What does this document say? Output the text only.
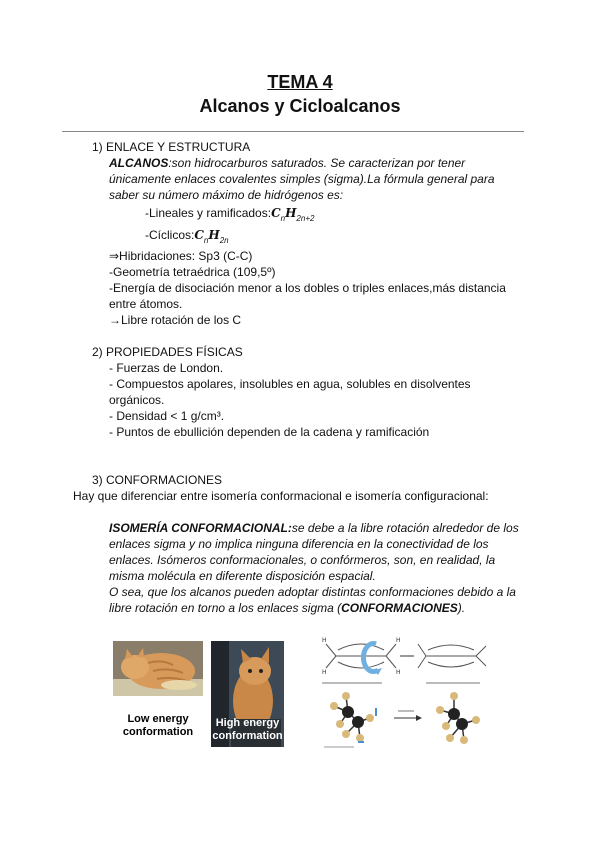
TEMA 4
Alcanos y Cicloalcanos
1) ENLACE Y ESTRUCTURA
ALCANOS:son hidrocarburos saturados. Se caracterizan por tener
únicamente enlaces covalentes simples (sigma).La fórmula general para
saber su número máximo de hidrógenos es:
-Lineales y $ramificados:C_nH_{2n+2}$
$-Cíclicos:C_nH_{2n}$
⇒Hibridaciones: Sp3 (C-C)
-Geometría tetraédrica (109,5º)
-Energía de disociación menor a los dobles o triples enlaces,más distancia
entre átomos.
→Libre rotación de los C
2) PROPIEDADES FÍSICAS
- Fuerzas de London.
- Compuestos apolares, insolubles en agua, solubles en disolventes
orgánicos.
- Densidad < 1 g/cm³.
- Puntos de ebullición dependen de la cadena y ramificación
3) CONFORMACIONES
Hay que diferenciar entre isomería conformacional e isomería configuracional:
ISOMERÍA CONFORMACIONAL:se debe a la libre rotación alrededor de los
enlaces sigma y no implica ninguna diferencia en la conectividad de los
enlaces. Isómeros conformacionales, o confórmeros, son, en realidad, la
misma molécula en diferente disposición espacial.
O sea, que los alcanos pueden adoptar distintas conformaciones debido a la
libre rotación en torno a los enlaces sigma (CONFORMACIONES).
Low energy
conformation
High energy
conformation
H
H
H
H
